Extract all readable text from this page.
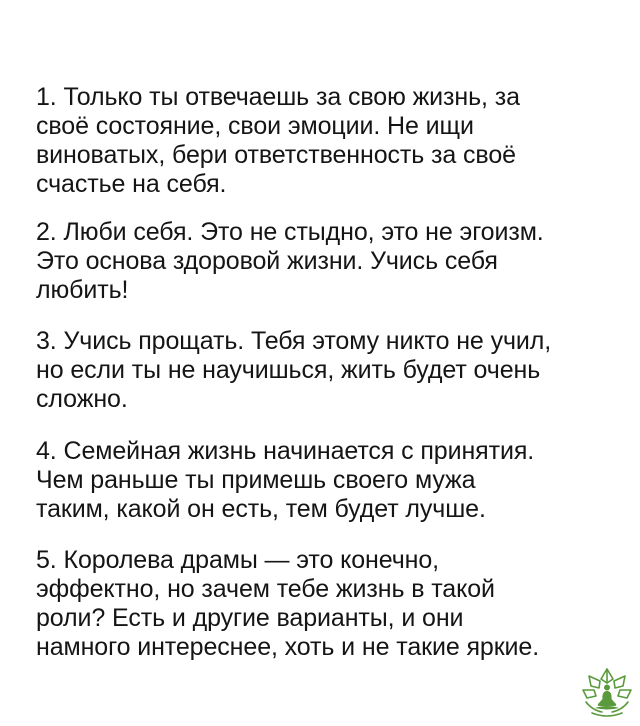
1. Только ты отвечаешь за свою жизнь, за
своё состояние, свои эмоции. Не ищи
виноватых, бери ответственность за своё
счастье на себя.

2. Люби себя. Это не стыдно, это не эгоизм.
Это основа здоровой жизни. Учись себя
любить!

3. Учись прощать. Тебя этому никто не учил,
но если ты не научишься, жить будет очень
сложно.

4. Семейная жизнь начинается с принятия.
Чем раньше ты примешь своего мужа
таким, какой он есть, тем будет лучше.

5. Королева драмы — это конечно,
эффектно, но зачем тебе жизнь в такой
роли? Есть и другие варианты, и они
намного интереснее, хоть и не такие яркие.
